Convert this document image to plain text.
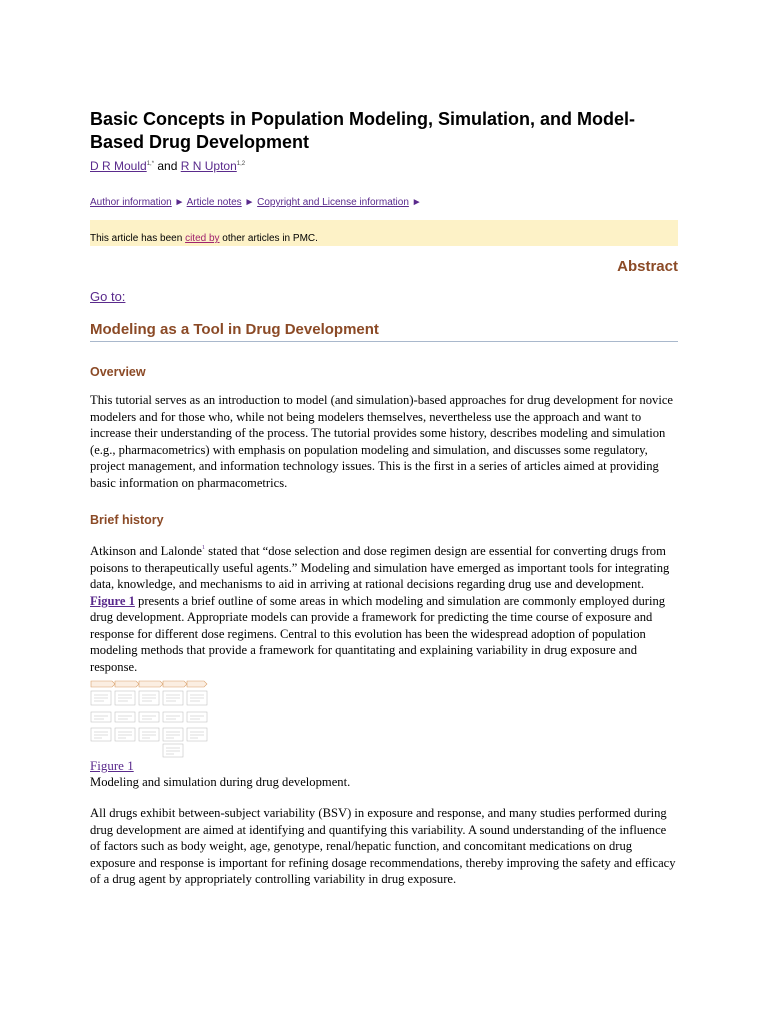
Basic Concepts in Population Modeling, Simulation, and Model-Based Drug Development
D R Mould$^{1,*}$ and R N Upton$^{1,2}$
Author information ► Article notes ► Copyright and License information ►
This article has been cited by other articles in PMC.
Abstract
Go to:
Modeling as a Tool in Drug Development
Overview

This tutorial serves as an introduction to model (and simulation)-based approaches for drug development for novice modelers and for those who, while not being modelers themselves, nevertheless use the approach and want to increase their understanding of the process. The tutorial provides some history, describes modeling and simulation (e.g., pharmacometrics) with emphasis on population modeling and simulation, and discusses some regulatory, project management, and information technology issues. This is the first in a series of articles aimed at providing basic information on pharmacometrics.

Brief history

Atkinson and Lalonde$^1$ stated that “dose selection and dose regimen design are essential for converting drugs from poisons to therapeutically useful agents.” Modeling and simulation have emerged as important tools for integrating data, knowledge, and mechanisms to aid in arriving at rational decisions regarding drug use and development. Figure 1 presents a brief outline of some areas in which modeling and simulation are commonly employed during drug development. Appropriate models can provide a framework for predicting the time course of exposure and response for different dose regimens. Central to this evolution has been the widespread adoption of population modeling methods that provide a framework for quantitating and explaining variability in drug exposure and response.

Figure 1
Modeling and simulation during drug development.

All drugs exhibit between-subject variability (BSV) in exposure and response, and many studies performed during drug development are aimed at identifying and quantifying this variability. A sound understanding of the influence of factors such as body weight, age, genotype, renal/hepatic function, and concomitant medications on drug exposure and response is important for refining dosage recommendations, thereby improving the safety and efficacy of a drug agent by appropriately controlling variability in drug exposure.
